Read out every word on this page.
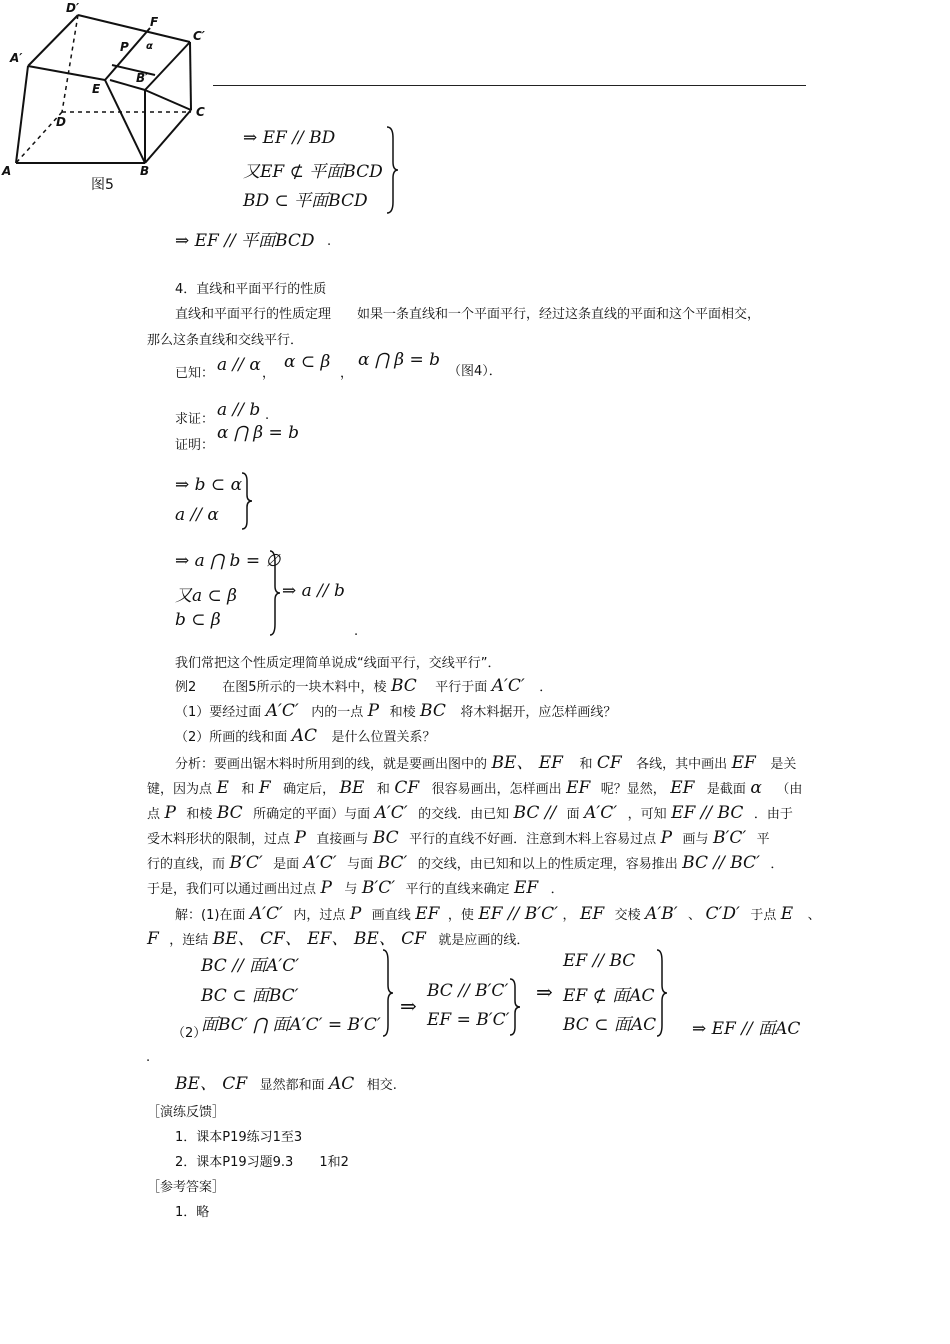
D′
F
C′
A′
P α
B′
E
C
D
A	B
图5
⇒ EF // BD
又EF ⊄ 平面BCD
BD ⊂ 平面BCD
⇒ EF // 平面BCD .
4．直线和平面平行的性质
直线和平面平行的性质定理　　如果一条直线和一个平面平行，经过这条直线的平面和这个平面相交，
那么这条直线和交线平行．
已知： a // α ，
α ⊂ β
，
α ⋂ β = b
（图4）．
求证： a // b .
证明：
α ⋂ β = b
⇒ b ⊂ α
a // α
⇒ a ⋂ b = ∅
又a ⊂ β
b ⊂ β
⇒ a // b
.
我们常把这个性质定理简单说成“线面平行，交线平行”．
例2　　在图5所示的一块木料中，棱 BC 平行于面 A′C′ ．
（1）要经过面 A′C′ 内的一点 P 和棱 BC 将木料据开，应怎样画线？
（2）所画的线和面 AC 是什么位置关系？
分析：要画出锯木料时所用到的线，就是要画出图中的 BE、 EF 和 CF 各线，其中画出 EF 是关
键，因为点 E 和 F 确定后， BE 和 CF 很容易画出，怎样画出 EF 呢？显然， EF 是截面 α （由
点 P 和棱 BC 所确定的平面）与面 A′C′ 的交线．由已知 BC // 面 A′C′ ，可知 EF // BC ．由于
受木料形状的限制，过点 P 直接画与 BC 平行的直线不好画．注意到木料上容易过点 P 画与 B′C′ 平
行的直线，而 B′C′ 是面 A′C′ 与面 BC′ 的交线，由已知和以上的性质定理，容易推出 BC // BC′ ．
于是，我们可以通过画出过点 P 与 B′C′ 平行的直线来确定 EF ．
解：(1)在面 A′C′ 内，过点 P 画直线 EF ，使 EF // B′C′ ， EF 交棱 A′B′ 、 C′D′ 于点 E 、
F ，连结 BE、 CF、 EF、 BE、 CF 就是应画的线．
BC // 面A′C′
BC ⊂ 面BC′
（2）
面BC′ ⋂ 面A′C′ = B′C′
⇒
BC // B′C′
EF = B′C′
⇒
EF // BC
EF ⊄ 面AC
BC ⊂ 面AC ⇒ EF // 面AC
.
BE、 CF 显然都和面 AC 相交.
［演练反馈］
1．课本P19练习1至3
2．课本P19习题9.3　　1和2
［参考答案］
1．略
